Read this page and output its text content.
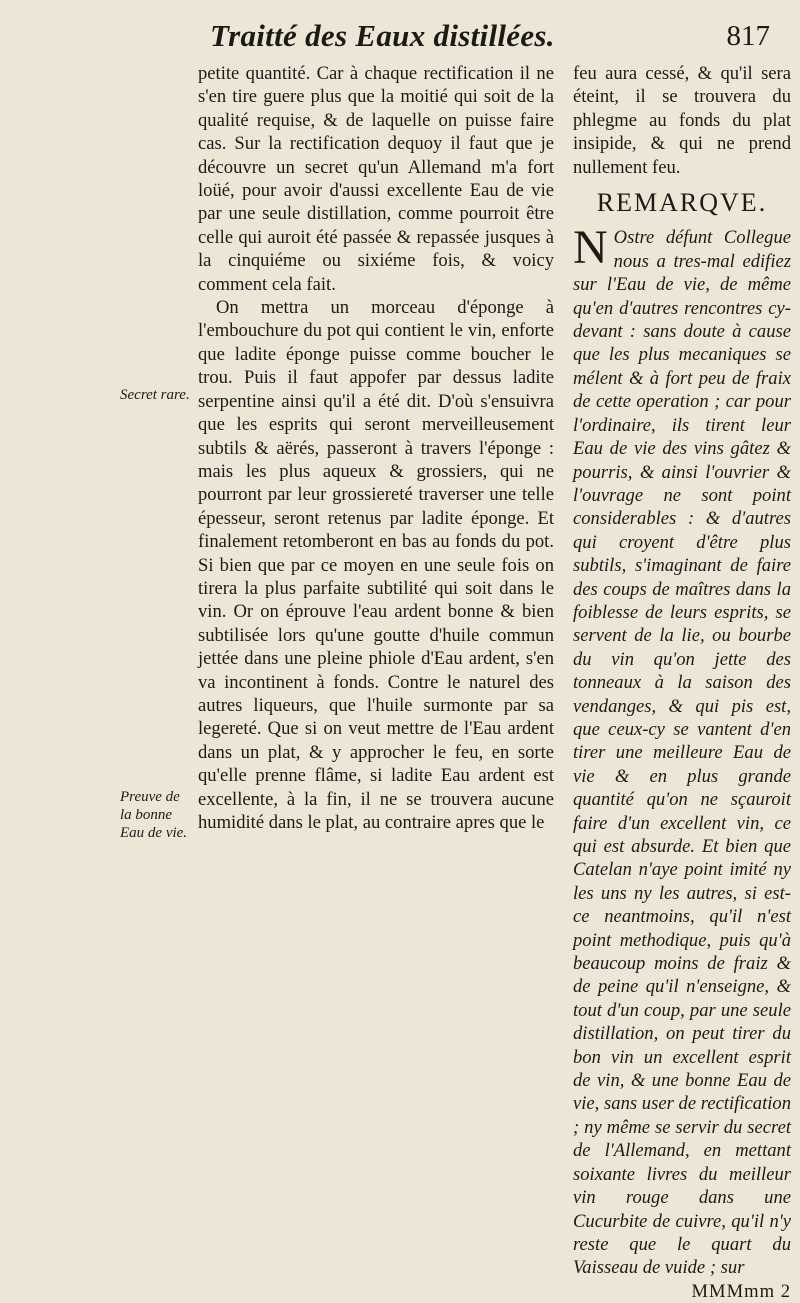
Traitté des Eaux distillées.	817
Secret rare.
Preuve de la bonne Eau de vie.

petite quantité. Car à chaque rectification il ne s'en tire guere plus que la moitié qui soit de la qualité requise, & de laquelle on puisse faire cas. Sur la rectification dequoy il faut que je découvre un secret qu'un Allemand m'a fort loüé, pour avoir d'aussi excellente Eau de vie par une seule distillation, comme pourroit être celle qui auroit été passée & repassée jusques à la cinquiéme ou sixiéme fois, & voicy comment cela fait.

On mettra un morceau d'éponge à l'embouchure du pot qui contient le vin, enforte que ladite éponge puisse comme boucher le trou. Puis il faut appofer par dessus ladite serpentine ainsi qu'il a été dit. D'où s'ensuivra que les esprits qui seront merveilleusement subtils & aërés, passeront à travers l'éponge : mais les plus aqueux & grossiers, qui ne pourront par leur grossiereté traverser une telle épesseur, seront retenus par ladite éponge. Et finalement retomberont en bas au fonds du pot. Si bien que par ce moyen en une seule fois on tirera la plus parfaite subtilité qui soit dans le vin. Or on éprouve l'eau ardent bonne & bien subtilisée lors qu'une goutte d'huile commun jettée dans une pleine phiole d'Eau ardent, s'en va incontinent à fonds. Contre le naturel des autres liqueurs, que l'huile surmonte par sa legereté. Que si on veut mettre de l'Eau ardent dans un plat, & y approcher le feu, en sorte qu'elle prenne flâme, si ladite Eau ardent est excellente, à la fin, il ne se trouvera aucune humidité dans le plat, au contraire apres que le

feu aura cessé, & qu'il sera éteint, il se trouvera du phlegme au fonds du plat insipide, & qui ne prend nullement feu.

REMARQVE.

N Ostre défunt Collegue nous a tres-mal edifiez sur l'Eau de vie, de même qu'en d'autres rencontres cy-devant : sans doute à cause que les plus mecaniques se mélent & à fort peu de fraix de cette operation ; car pour l'ordinaire, ils tirent leur Eau de vie des vins gâtez & pourris, & ainsi l'ouvrier & l'ouvrage ne sont point considerables : & d'autres qui croyent d'être plus subtils, s'imaginant de faire des coups de maîtres dans la foiblesse de leurs esprits, se servent de la lie, ou bourbe du vin qu'on jette des tonneaux à la saison des vendanges, & qui pis est, que ceux-cy se vantent d'en tirer une meilleure Eau de vie & en plus grande quantité qu'on ne sçauroit faire d'un excellent vin, ce qui est absurde. Et bien que Catelan n'aye point imité ny les uns ny les autres, si est-ce neantmoins, qu'il n'est point methodique, puis qu'à beaucoup moins de fraiz & de peine qu'il n'enseigne, & tout d'un coup, par une seule distillation, on peut tirer du bon vin un excellent esprit de vin, & une bonne Eau de vie, sans user de rectification ; ny même se servir du secret de l'Allemand, en mettant soixante livres du meilleur vin rouge dans une Cucurbite de cuivre, qu'il n'y reste que le quart du Vaisseau de vuide ; sur

MMMmm 2
